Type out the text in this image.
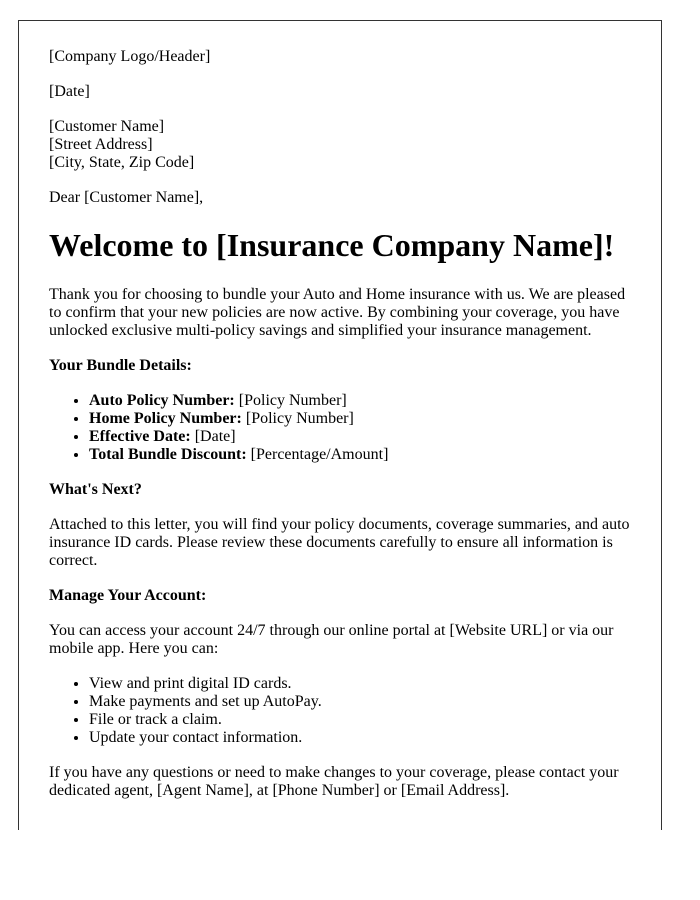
[Company Logo/Header]

[Date]

[Customer Name]
[Street Address]
[City, State, Zip Code]

Dear [Customer Name],

Welcome to [Insurance Company Name]!

Thank you for choosing to bundle your Auto and Home insurance with us. We are pleased to confirm that your new policies are now active. By combining your coverage, you have unlocked exclusive multi-policy savings and simplified your insurance management.

Your Bundle Details:

• Auto Policy Number: [Policy Number]
• Home Policy Number: [Policy Number]
• Effective Date: [Date]
• Total Bundle Discount: [Percentage/Amount]

What's Next?

Attached to this letter, you will find your policy documents, coverage summaries, and auto insurance ID cards. Please review these documents carefully to ensure all information is correct.

Manage Your Account:

You can access your account 24/7 through our online portal at [Website URL] or via our mobile app. Here you can:

• View and print digital ID cards.
• Make payments and set up AutoPay.
• File or track a claim.
• Update your contact information.

If you have any questions or need to make changes to your coverage, please contact your dedicated agent, [Agent Name], at [Phone Number] or [Email Address].
